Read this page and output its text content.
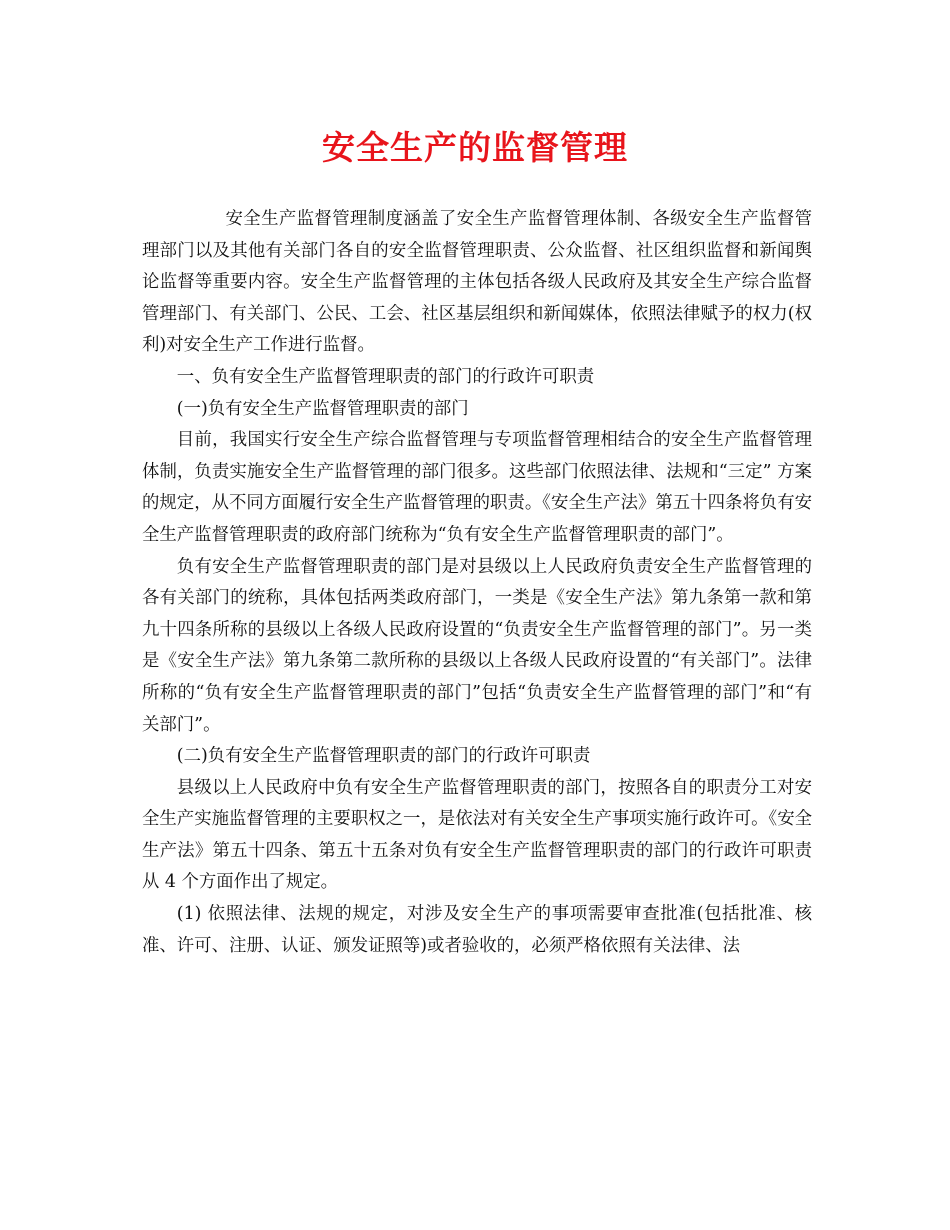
安全生产的监督管理

安全生产监督管理制度涵盖了安全生产监督管理体制、各级安全生产监督管理部门以及其他有关部门各自的安全监督管理职责、公众监督、社区组织监督和新闻舆论监督等重要内容。安全生产监督管理的主体包括各级人民政府及其安全生产综合监督管理部门、有关部门、公民、工会、社区基层组织和新闻媒体，依照法律赋予的权力(权利)对安全生产工作进行监督。

一、负有安全生产监督管理职责的部门的行政许可职责

(一)负有安全生产监督管理职责的部门

目前，我国实行安全生产综合监督管理与专项监督管理相结合的安全生产监督管理体制，负责实施安全生产监督管理的部门很多。这些部门依照法律、法规和“三定” 方案的规定，从不同方面履行安全生产监督管理的职责。《安全生产法》第五十四条将负有安全生产监督管理职责的政府部门统称为“负有安全生产监督管理职责的部门”。

负有安全生产监督管理职责的部门是对县级以上人民政府负责安全生产监督管理的各有关部门的统称，具体包括两类政府部门，一类是《安全生产法》第九条第一款和第九十四条所称的县级以上各级人民政府设置的“负责安全生产监督管理的部门”。另一类是《安全生产法》第九条第二款所称的县级以上各级人民政府设置的“有关部门”。法律所称的“负有安全生产监督管理职责的部门”包括“负责安全生产监督管理的部门”和“有关部门”。

(二)负有安全生产监督管理职责的部门的行政许可职责

县级以上人民政府中负有安全生产监督管理职责的部门，按照各自的职责分工对安全生产实施监督管理的主要职权之一，是依法对有关安全生产事项实施行政许可。《安全生产法》第五十四条、第五十五条对负有安全生产监督管理职责的部门的行政许可职责从 4 个方面作出了规定。

(1) 依照法律、法规的规定，对涉及安全生产的事项需要审查批准(包括批准、核准、许可、注册、认证、颁发证照等)或者验收的，必须严格依照有关法律、法
